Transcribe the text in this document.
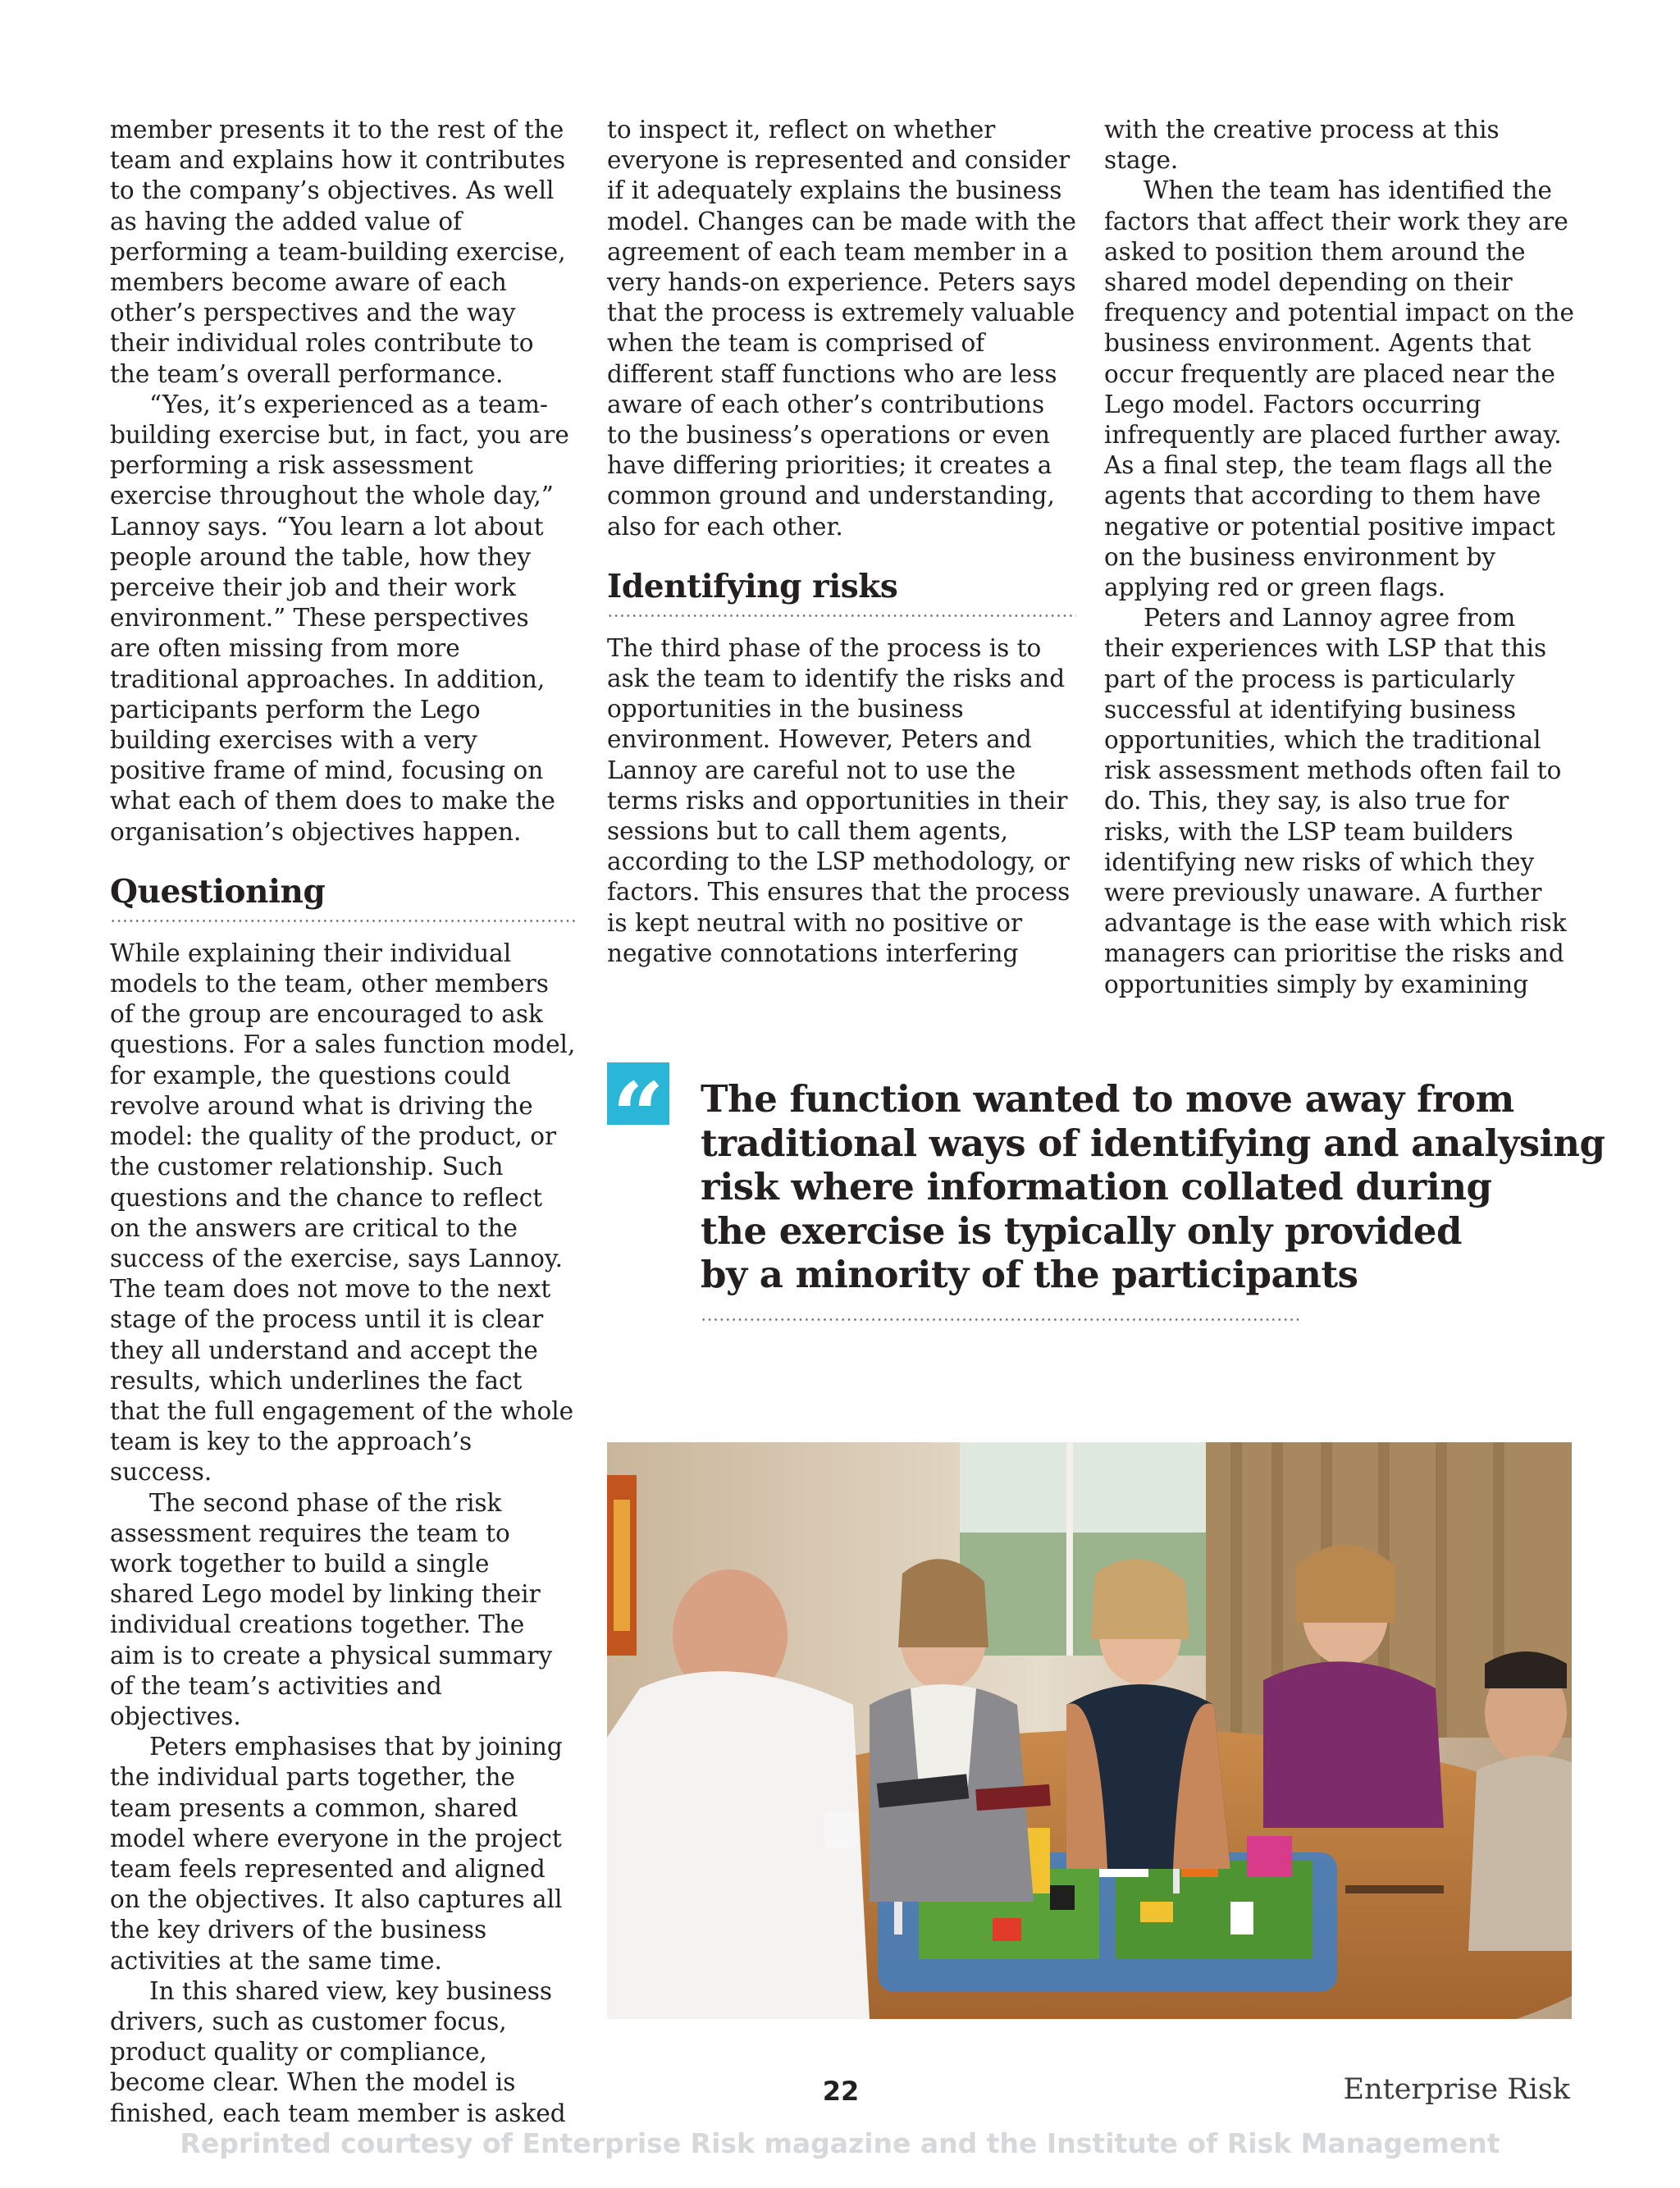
member presents it to the rest of the team and explains how it contributes to the company’s objectives. As well as having the added value of performing a team-building exercise, members become aware of each other’s perspectives and the way their individual roles contribute to the team’s overall performance.

“Yes, it’s experienced as a team-building exercise but, in fact, you are performing a risk assessment exercise throughout the whole day,” Lannoy says. “You learn a lot about people around the table, how they perceive their job and their work environment.” These perspectives are often missing from more traditional approaches. In addition, participants perform the Lego building exercises with a very positive frame of mind, focusing on what each of them does to make the organisation’s objectives happen.

Questioning

While explaining their individual models to the team, other members of the group are encouraged to ask questions. For a sales function model, for example, the questions could revolve around what is driving the model: the quality of the product, or the customer relationship. Such questions and the chance to reflect on the answers are critical to the success of the exercise, says Lannoy. The team does not move to the next stage of the process until it is clear they all understand and accept the results, which underlines the fact that the full engagement of the whole team is key to the approach’s success.

The second phase of the risk assessment requires the team to work together to build a single shared Lego model by linking their individual creations together. The aim is to create a physical summary of the team’s activities and objectives.

Peters emphasises that by joining the individual parts together, the team presents a common, shared model where everyone in the project team feels represented and aligned on the objectives. It also captures all the key drivers of the business activities at the same time.

In this shared view, key business drivers, such as customer focus, product quality or compliance, become clear. When the model is finished, each team member is asked

to inspect it, reflect on whether everyone is represented and consider if it adequately explains the business model. Changes can be made with the agreement of each team member in a very hands-on experience. Peters says that the process is extremely valuable when the team is comprised of different staff functions who are less aware of each other’s contributions to the business’s operations or even have differing priorities; it creates a common ground and understanding, also for each other.

Identifying risks

The third phase of the process is to ask the team to identify the risks and opportunities in the business environment. However, Peters and Lannoy are careful not to use the terms risks and opportunities in their sessions but to call them agents, according to the LSP methodology, or factors. This ensures that the process is kept neutral with no positive or negative connotations interfering

with the creative process at this stage.

When the team has identified the factors that affect their work they are asked to position them around the shared model depending on their frequency and potential impact on the business environment. Agents that occur frequently are placed near the Lego model. Factors occurring infrequently are placed further away. As a final step, the team flags all the agents that according to them have negative or potential positive impact on the business environment by applying red or green flags.

Peters and Lannoy agree from their experiences with LSP that this part of the process is particularly successful at identifying business opportunities, which the traditional risk assessment methods often fail to do. This, they say, is also true for risks, with the LSP team builders identifying new risks of which they were previously unaware. A further advantage is the ease with which risk managers can prioritise the risks and opportunities simply by examining

“ The function wanted to move away from
traditional ways of identifying and analysing
risk where information collated during
the exercise is typically only provided
by a minority of the participants
22	Enterprise Risk
Reprinted courtesy of Enterprise Risk magazine and the Institute of Risk Management
